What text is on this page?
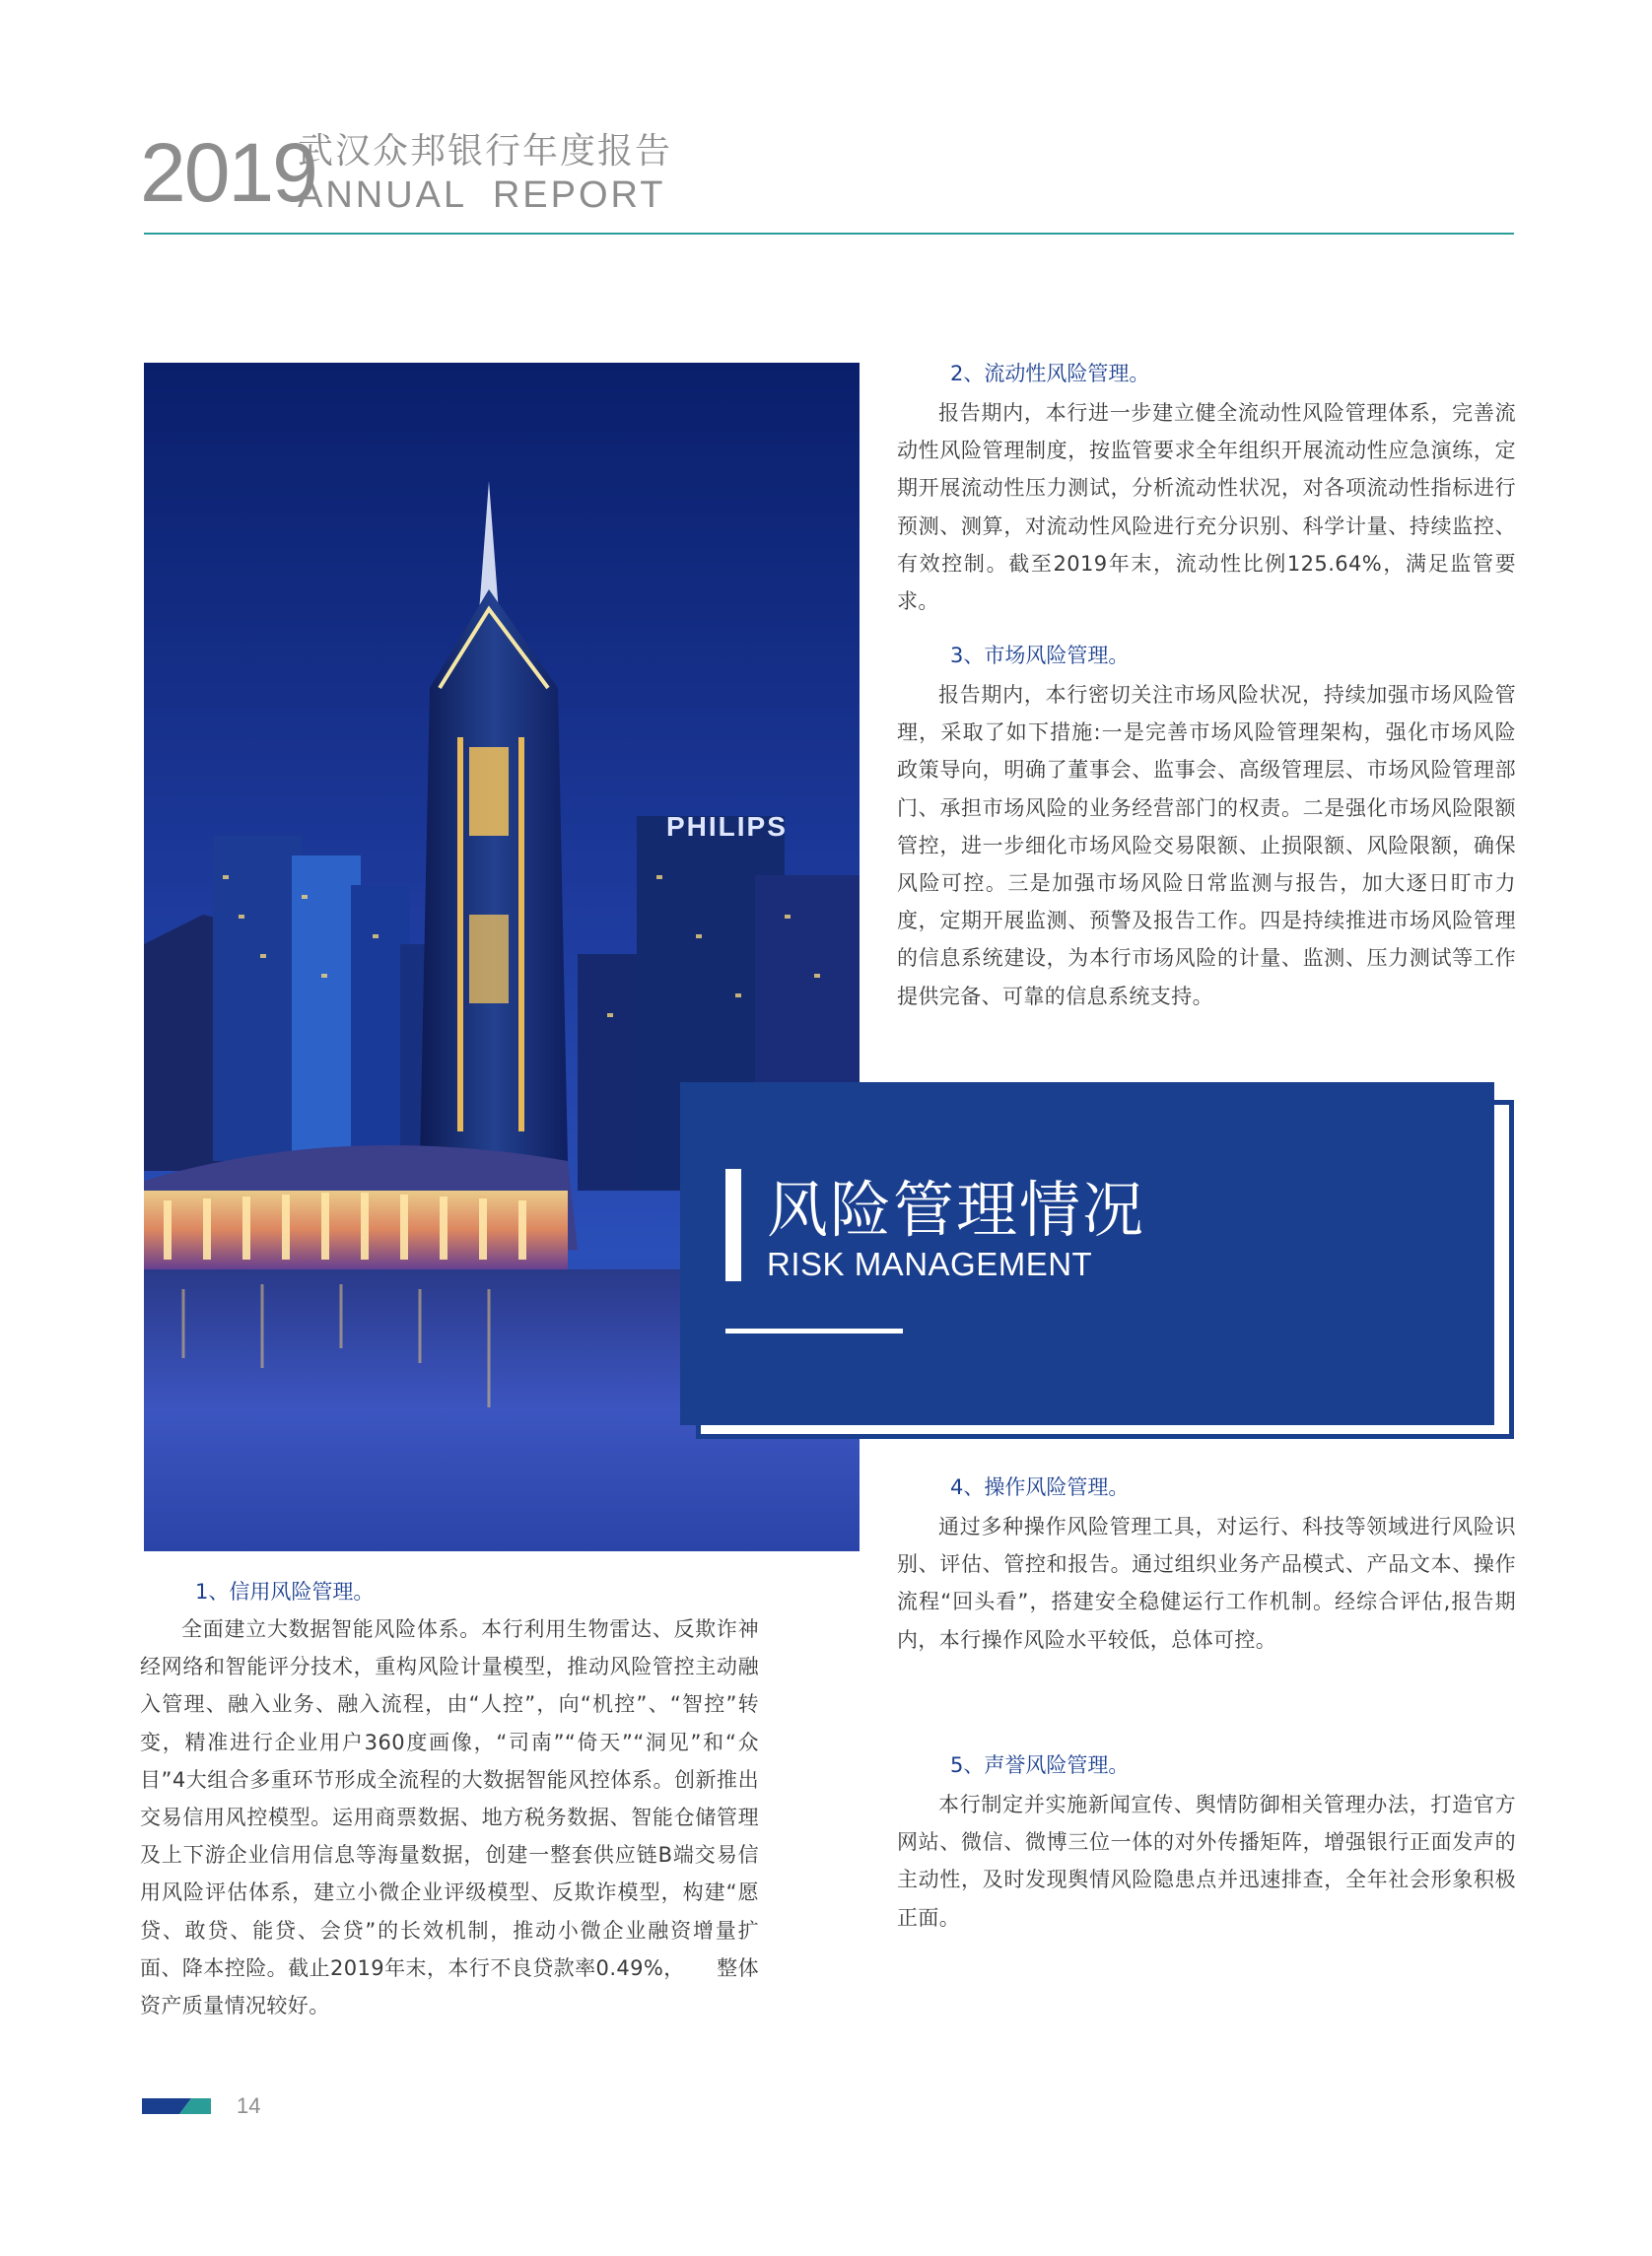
2019
武汉众邦银行年度报告
ANNUAL  REPORT
PHILIPS
2、流动性风险管理。
报告期内，本行进一步建立健全流动性风险管理体系，完善流动性风险管理制度，按监管要求全年组织开展流动性应急演练，定期开展流动性压力测试，分析流动性状况，对各项流动性指标进行预测、测算，对流动性风险进行充分识别、科学计量、持续监控、有效控制。截至2019年末，流动性比例125.64%，满足监管要求。
3、市场风险管理。
报告期内，本行密切关注市场风险状况，持续加强市场风险管理，采取了如下措施:一是完善市场风险管理架构，强化市场风险政策导向，明确了董事会、监事会、高级管理层、市场风险管理部门、承担市场风险的业务经营部门的权责。二是强化市场风险限额管控，进一步细化市场风险交易限额、止损限额、风险限额，确保风险可控。三是加强市场风险日常监测与报告，加大逐日盯市力度，定期开展监测、预警及报告工作。四是持续推进市场风险管理的信息系统建设，为本行市场风险的计量、监测、压力测试等工作提供完备、可靠的信息系统支持。
风险管理情况
RISK MANAGEMENT
4、操作风险管理。
通过多种操作风险管理工具，对运行、科技等领域进行风险识别、评估、管控和报告。通过组织业务产品模式、产品文本、操作流程“回头看”，搭建安全稳健运行工作机制。经综合评估,报告期内，本行操作风险水平较低，总体可控。
5、声誉风险管理。
本行制定并实施新闻宣传、舆情防御相关管理办法，打造官方网站、微信、微博三位一体的对外传播矩阵，增强银行正面发声的主动性，及时发现舆情风险隐患点并迅速排查，全年社会形象积极正面。
1、信用风险管理。
全面建立大数据智能风险体系。本行利用生物雷达、反欺诈神经网络和智能评分技术，重构风险计量模型，推动风险管控主动融入管理、融入业务、融入流程，由“人控”，向“机控”、“智控”转变，精准进行企业用户360度画像，“司南”“倚天”“洞见”和“众目”4大组合多重环节形成全流程的大数据智能风控体系。创新推出交易信用风控模型。运用商票数据、地方税务数据、智能仓储管理及上下游企业信用信息等海量数据，创建一整套供应链B端交易信用风险评估体系，建立小微企业评级模型、反欺诈模型，构建“愿贷、敢贷、能贷、会贷”的长效机制，推动小微企业融资增量扩面、降本控险。截止2019年末，本行不良贷款率0.49%，　　整体资产质量情况较好。
14
